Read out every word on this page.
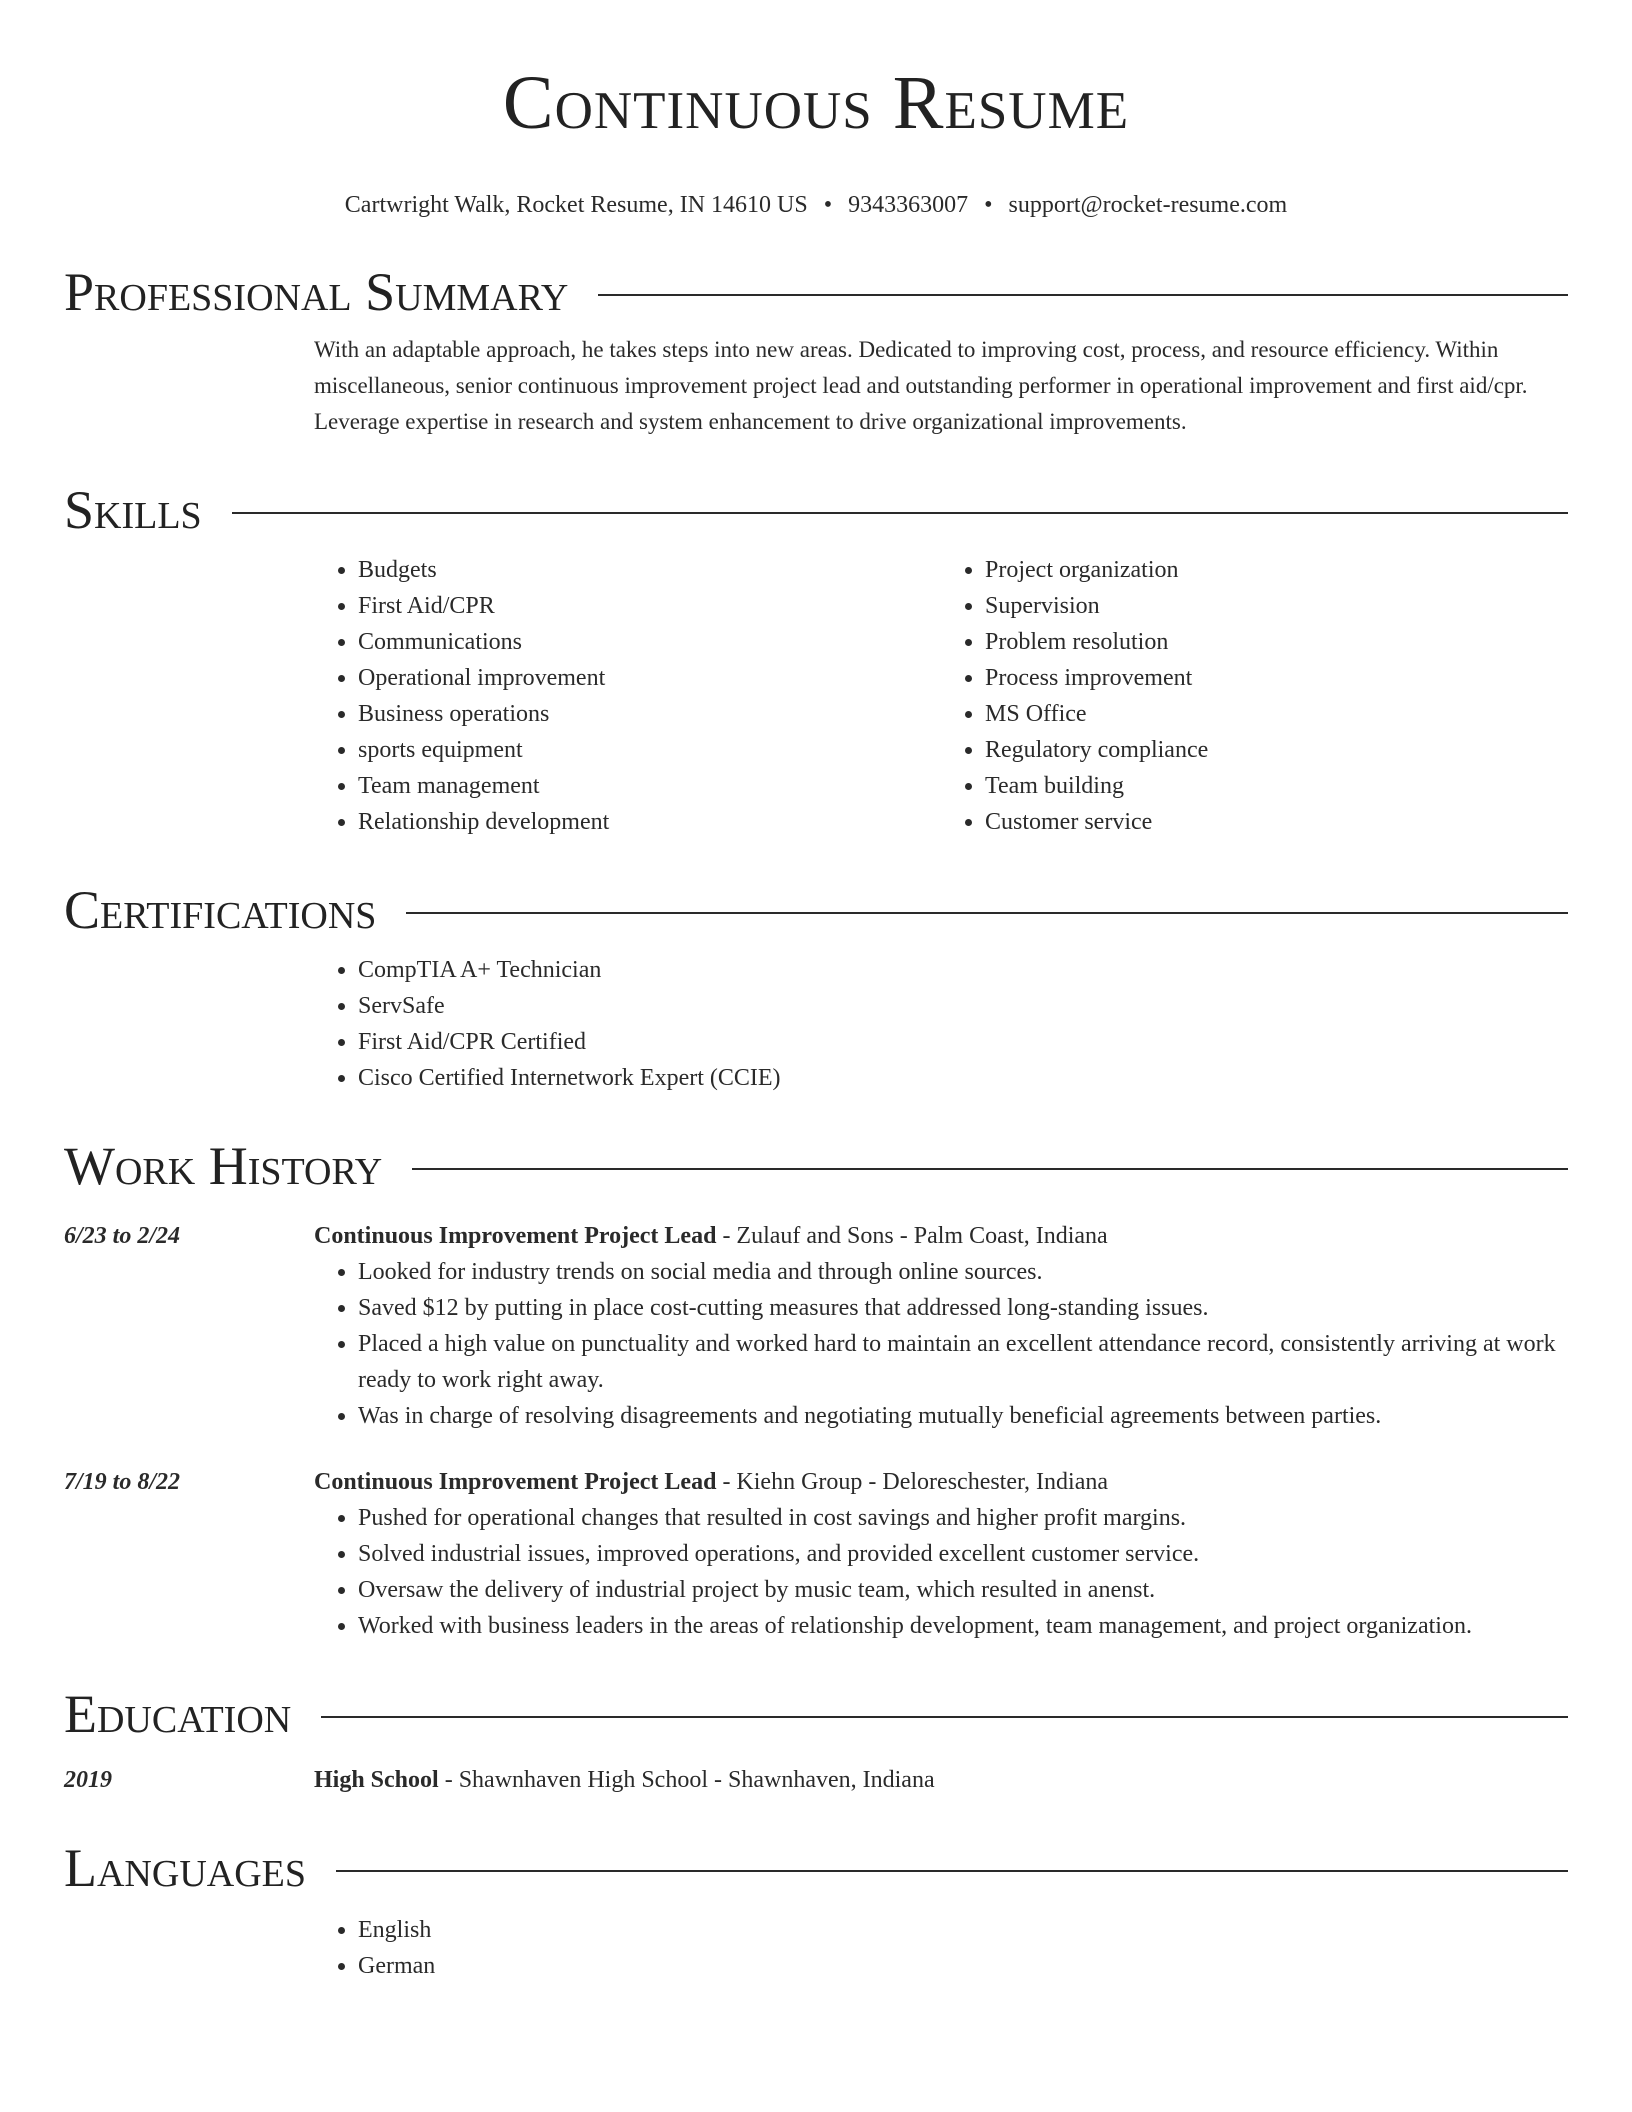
Continuous Resume
Cartwright Walk, Rocket Resume, IN 14610 US • 9343363007 • support@rocket-resume.com
Professional Summary
With an adaptable approach, he takes steps into new areas. Dedicated to improving cost, process, and resource efficiency. Within miscellaneous, senior continuous improvement project lead and outstanding performer in operational improvement and first aid/cpr. Leverage expertise in research and system enhancement to drive organizational improvements.
Skills
• Budgets
• First Aid/CPR
• Communications
• Operational improvement
• Business operations
• sports equipment
• Team management
• Relationship development
• Project organization
• Supervision
• Problem resolution
• Process improvement
• MS Office
• Regulatory compliance
• Team building
• Customer service
Certifications
• CompTIA A+ Technician
• ServSafe
• First Aid/CPR Certified
• Cisco Certified Internetwork Expert (CCIE)
Work History
6/23 to 2/24	Continuous Improvement Project Lead - Zulauf and Sons - Palm Coast, Indiana
• Looked for industry trends on social media and through online sources.
• Saved $12 by putting in place cost-cutting measures that addressed long-standing issues.
• Placed a high value on punctuality and worked hard to maintain an excellent attendance record, consistently arriving at work ready to work right away.
• Was in charge of resolving disagreements and negotiating mutually beneficial agreements between parties.
7/19 to 8/22	Continuous Improvement Project Lead - Kiehn Group - Deloreschester, Indiana
• Pushed for operational changes that resulted in cost savings and higher profit margins.
• Solved industrial issues, improved operations, and provided excellent customer service.
• Oversaw the delivery of industrial project by music team, which resulted in anenst.
• Worked with business leaders in the areas of relationship development, team management, and project organization.
Education
2019	High School - Shawnhaven High School - Shawnhaven, Indiana
Languages
• English
• German
